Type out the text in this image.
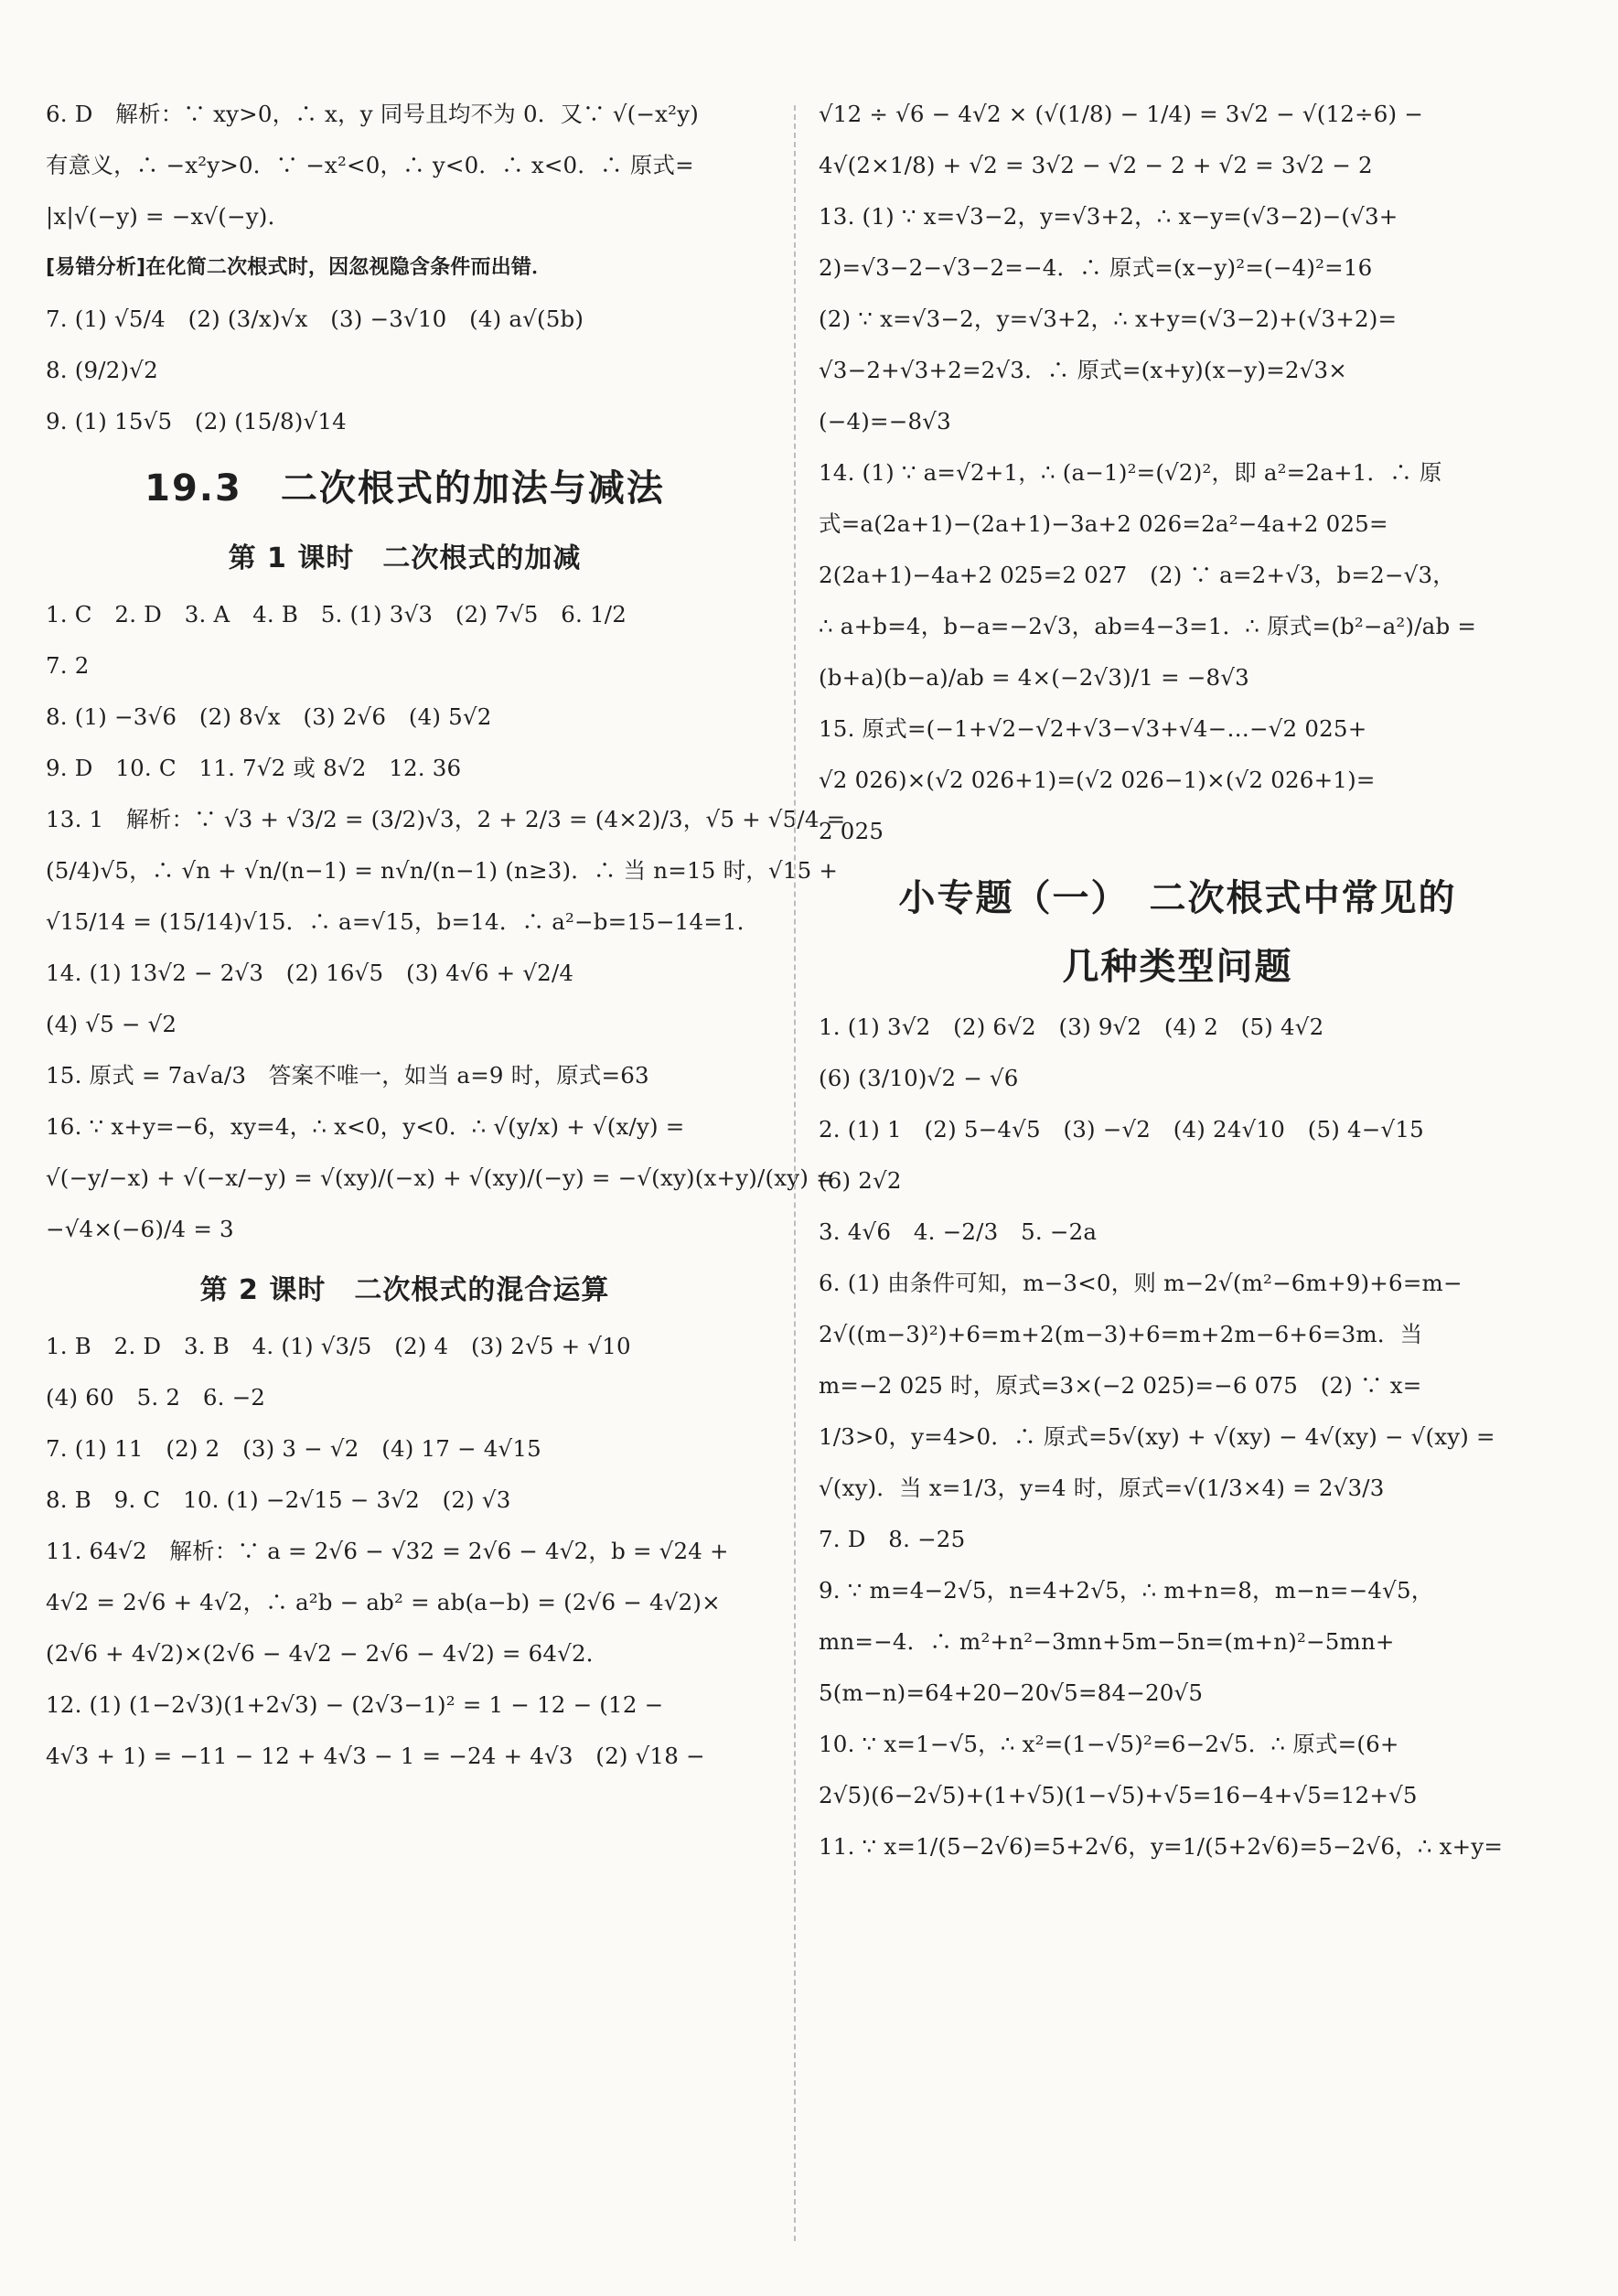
6. D　解析：∵ xy>0，∴ x，y 同号且均不为 0．又∵ √(−x²y)
有意义，∴ −x²y>0．∵ −x²<0，∴ y<0．∴ x<0．∴ 原式=
|x|√(−y) = −x√(−y)．
[易错分析]在化简二次根式时，因忽视隐含条件而出错．
7. (1) √5/4　(2) (3/x)√x　(3) −3√10　(4) a√(5b)
8. (9/2)√2
9. (1) 15√5　(2) (15/8)√14
19.3　二次根式的加法与减法
第 1 课时　二次根式的加减
1. C　2. D　3. A　4. B　5. (1) 3√3　(2) 7√5　6. 1/2
7. 2
8. (1) −3√6　(2) 8√x　(3) 2√6　(4) 5√2
9. D　10. C　11. 7√2 或 8√2　12. 36
13. 1　解析：∵ √3 + √3/2 = (3/2)√3，2 + 2/3 = (4×2)/3，√5 + √5/4 =
(5/4)√5，∴ √n + √n/(n−1) = n√n/(n−1) (n≥3)．∴ 当 n=15 时，√15 +
√15/14 = (15/14)√15．∴ a=√15，b=14．∴ a²−b=15−14=1．
14. (1) 13√2 − 2√3　(2) 16√5　(3) 4√6 + √2/4
(4) √5 − √2
15. 原式 = 7a√a/3　答案不唯一，如当 a=9 时，原式=63
16. ∵ x+y=−6，xy=4，∴ x<0，y<0．∴ √(y/x) + √(x/y) =
√(−y/−x) + √(−x/−y) = √(xy)/(−x) + √(xy)/(−y) = −√(xy)(x+y)/(xy) =
−√4×(−6)/4 = 3
第 2 课时　二次根式的混合运算
1. B　2. D　3. B　4. (1) √3/5　(2) 4　(3) 2√5 + √10
(4) 60　5. 2　6. −2
7. (1) 11　(2) 2　(3) 3 − √2　(4) 17 − 4√15
8. B　9. C　10. (1) −2√15 − 3√2　(2) √3
11. 64√2　解析：∵ a = 2√6 − √32 = 2√6 − 4√2，b = √24 +
4√2 = 2√6 + 4√2，∴ a²b − ab² = ab(a−b) = (2√6 − 4√2)×
(2√6 + 4√2)×(2√6 − 4√2 − 2√6 − 4√2) = 64√2．
12. (1) (1−2√3)(1+2√3) − (2√3−1)² = 1 − 12 − (12 −
4√3 + 1) = −11 − 12 + 4√3 − 1 = −24 + 4√3　(2) √18 −
√12 ÷ √6 − 4√2 × (√(1/8) − 1/4) = 3√2 − √(12÷6) −
4√(2×1/8) + √2 = 3√2 − √2 − 2 + √2 = 3√2 − 2
13. (1) ∵ x=√3−2，y=√3+2，∴ x−y=(√3−2)−(√3+
2)=√3−2−√3−2=−4．∴ 原式=(x−y)²=(−4)²=16
(2) ∵ x=√3−2，y=√3+2，∴ x+y=(√3−2)+(√3+2)=
√3−2+√3+2=2√3．∴ 原式=(x+y)(x−y)=2√3×
(−4)=−8√3
14. (1) ∵ a=√2+1，∴ (a−1)²=(√2)²，即 a²=2a+1．∴ 原
式=a(2a+1)−(2a+1)−3a+2 026=2a²−4a+2 025=
2(2a+1)−4a+2 025=2 027　(2) ∵ a=2+√3，b=2−√3，
∴ a+b=4，b−a=−2√3，ab=4−3=1．∴ 原式=(b²−a²)/ab =
(b+a)(b−a)/ab = 4×(−2√3)/1 = −8√3
15. 原式=(−1+√2−√2+√3−√3+√4−…−√2 025+
√2 026)×(√2 026+1)=(√2 026−1)×(√2 026+1)=
2 025
小专题（一）　二次根式中常见的
几种类型问题
1. (1) 3√2　(2) 6√2　(3) 9√2　(4) 2　(5) 4√2
(6) (3/10)√2 − √6
2. (1) 1　(2) 5−4√5　(3) −√2　(4) 24√10　(5) 4−√15
(6) 2√2
3. 4√6　4. −2/3　5. −2a
6. (1) 由条件可知，m−3<0，则 m−2√(m²−6m+9)+6=m−
2√((m−3)²)+6=m+2(m−3)+6=m+2m−6+6=3m．当
m=−2 025 时，原式=3×(−2 025)=−6 075　(2) ∵ x=
1/3>0，y=4>0．∴ 原式=5√(xy) + √(xy) − 4√(xy) − √(xy) =
√(xy)．当 x=1/3，y=4 时，原式=√(1/3×4) = 2√3/3
7. D　8. −25
9. ∵ m=4−2√5，n=4+2√5，∴ m+n=8，m−n=−4√5，
mn=−4．∴ m²+n²−3mn+5m−5n=(m+n)²−5mn+
5(m−n)=64+20−20√5=84−20√5
10. ∵ x=1−√5，∴ x²=(1−√5)²=6−2√5．∴ 原式=(6+
2√5)(6−2√5)+(1+√5)(1−√5)+√5=16−4+√5=12+√5
11. ∵ x=1/(5−2√6)=5+2√6，y=1/(5+2√6)=5−2√6，∴ x+y=
